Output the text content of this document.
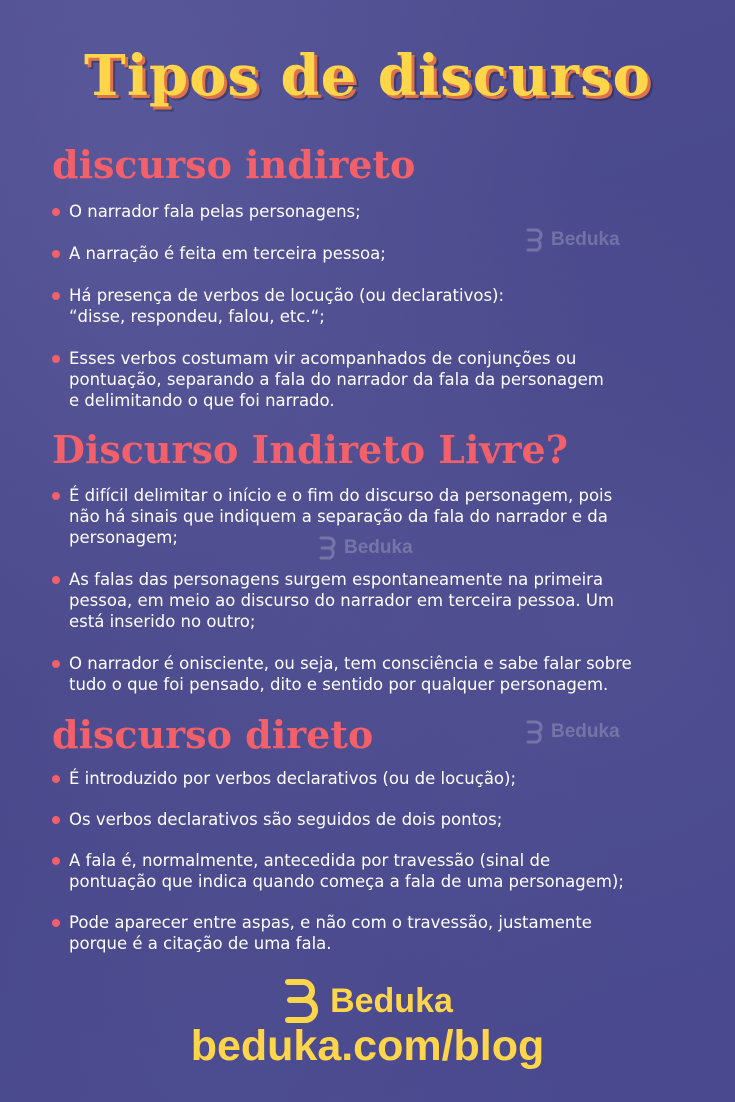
Tipos de discurso
discurso indireto
O narrador fala pelas personagens;
A narração é feita em terceira pessoa;
Há presença de verbos de locução (ou declarativos):
“disse, respondeu, falou, etc.“;
Esses verbos costumam vir acompanhados de conjunções ou
pontuação, separando a fala do narrador da fala da personagem
e delimitando o que foi narrado.
Discurso Indireto Livre?
É difícil delimitar o início e o fim do discurso da personagem, pois
não há sinais que indiquem a separação da fala do narrador e da
personagem;
As falas das personagens surgem espontaneamente na primeira
pessoa, em meio ao discurso do narrador em terceira pessoa. Um
está inserido no outro;
O narrador é onisciente, ou seja, tem consciência e sabe falar sobre
tudo o que foi pensado, dito e sentido por qualquer personagem.
discurso direto
É introduzido por verbos declarativos (ou de locução);
Os verbos declarativos são seguidos de dois pontos;
A fala é, normalmente, antecedida por travessão (sinal de
pontuação que indica quando começa a fala de uma personagem);
Pode aparecer entre aspas, e não com o travessão, justamente
porque é a citação de uma fala.
Beduka
Beduka
Beduka
Beduka
beduka.com/blog
